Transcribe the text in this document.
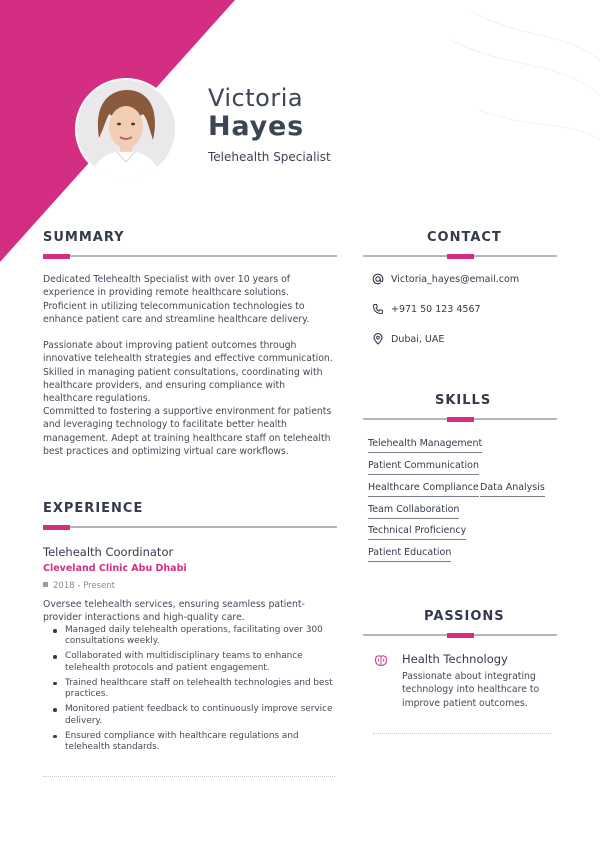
Victoria
Hayes
Telehealth Specialist
SUMMARY

Dedicated Telehealth Specialist with over 10 years of experience in providing remote healthcare solutions. Proficient in utilizing telecommunication technologies to enhance patient care and streamline healthcare delivery.

Passionate about improving patient outcomes through innovative telehealth strategies and effective communication. Skilled in managing patient consultations, coordinating with healthcare providers, and ensuring compliance with healthcare regulations.

Committed to fostering a supportive environment for patients and leveraging technology to facilitate better health management. Adept at training healthcare staff on telehealth best practices and optimizing virtual care workflows.

EXPERIENCE
Telehealth Coordinator
Cleveland Clinic Abu Dhabi
2018 - Present

Oversee telehealth services, ensuring seamless patient-provider interactions and high-quality care.

Managed daily telehealth operations, facilitating over 300 consultations weekly.
Collaborated with multidisciplinary teams to enhance telehealth protocols and patient engagement.
Trained healthcare staff on telehealth technologies and best practices.
Monitored patient feedback to continuously improve service delivery.
Ensured compliance with healthcare regulations and telehealth standards.
CONTACT
Victoria_hayes@email.com
+971 50 123 4567
Dubai, UAE
SKILLS
Telehealth Management
Patient Communication
Healthcare Compliance Data Analysis
Team Collaboration
Technical Proficiency
Patient Education
PASSIONS
Health Technology

Passionate about integrating technology into healthcare to improve patient outcomes.
